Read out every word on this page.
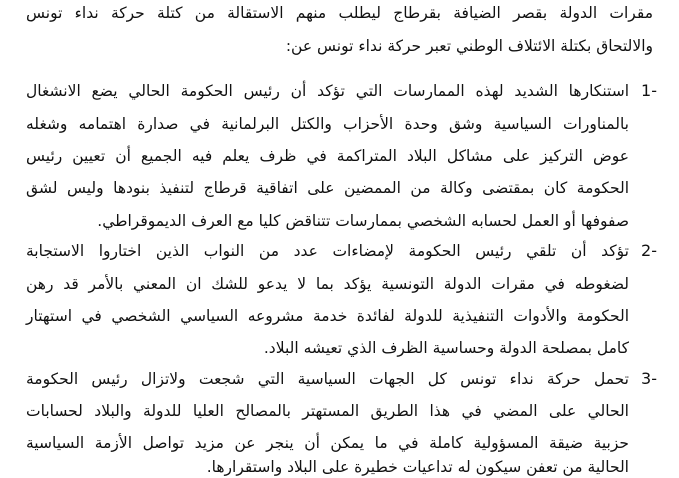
مقرات الدولة بقصر الضيافة بقرطاج ليطلب منهم الاستقالة من كتلة حركة نداء تونس
والالتحاق بكتلة الائتلاف الوطني تعبر حركة نداء تونس عن:
1-
استنكارها الشديد لهذه الممارسات التي تؤكد أن رئيس الحكومة الحالي يضع الانشغال
بالمناورات السياسية وشق وحدة الأحزاب والكتل البرلمانية في صدارة اهتمامه وشغله
عوض التركيز على مشاكل البلاد المتراكمة في ظرف يعلم فيه الجميع أن تعيين رئيس
الحكومة كان بمقتضى وكالة من الممضين على اتفاقية قرطاج لتنفيذ بنودها وليس لشق
صفوفها أو العمل لحسابه الشخصي بممارسات تتناقض كليا مع العرف الديموقراطي.
2-
تؤكد أن تلقي رئيس الحكومة لإمضاءات عدد من النواب الذين اختاروا الاستجابة
لضغوطه في مقرات الدولة التونسية يؤكد بما لا يدعو للشك ان المعني بالأمر قد رهن
الحكومة والأدوات التنفيذية للدولة لفائدة خدمة مشروعه السياسي الشخصي في استهتار
كامل بمصلحة الدولة وحساسية الظرف الذي تعيشه البلاد.
3-
تحمل حركة نداء تونس كل الجهات السياسية التي شجعت ولاتزال رئيس الحكومة
الحالي على المضي في هذا الطريق المستهتر بالمصالح العليا للدولة والبلاد لحسابات
حزبية ضيقة المسؤولية كاملة في ما يمكن أن ينجر عن مزيد تواصل الأزمة السياسية
الحالية من تعفن سيكون له تداعيات خطيرة على البلاد واستقرارها.
